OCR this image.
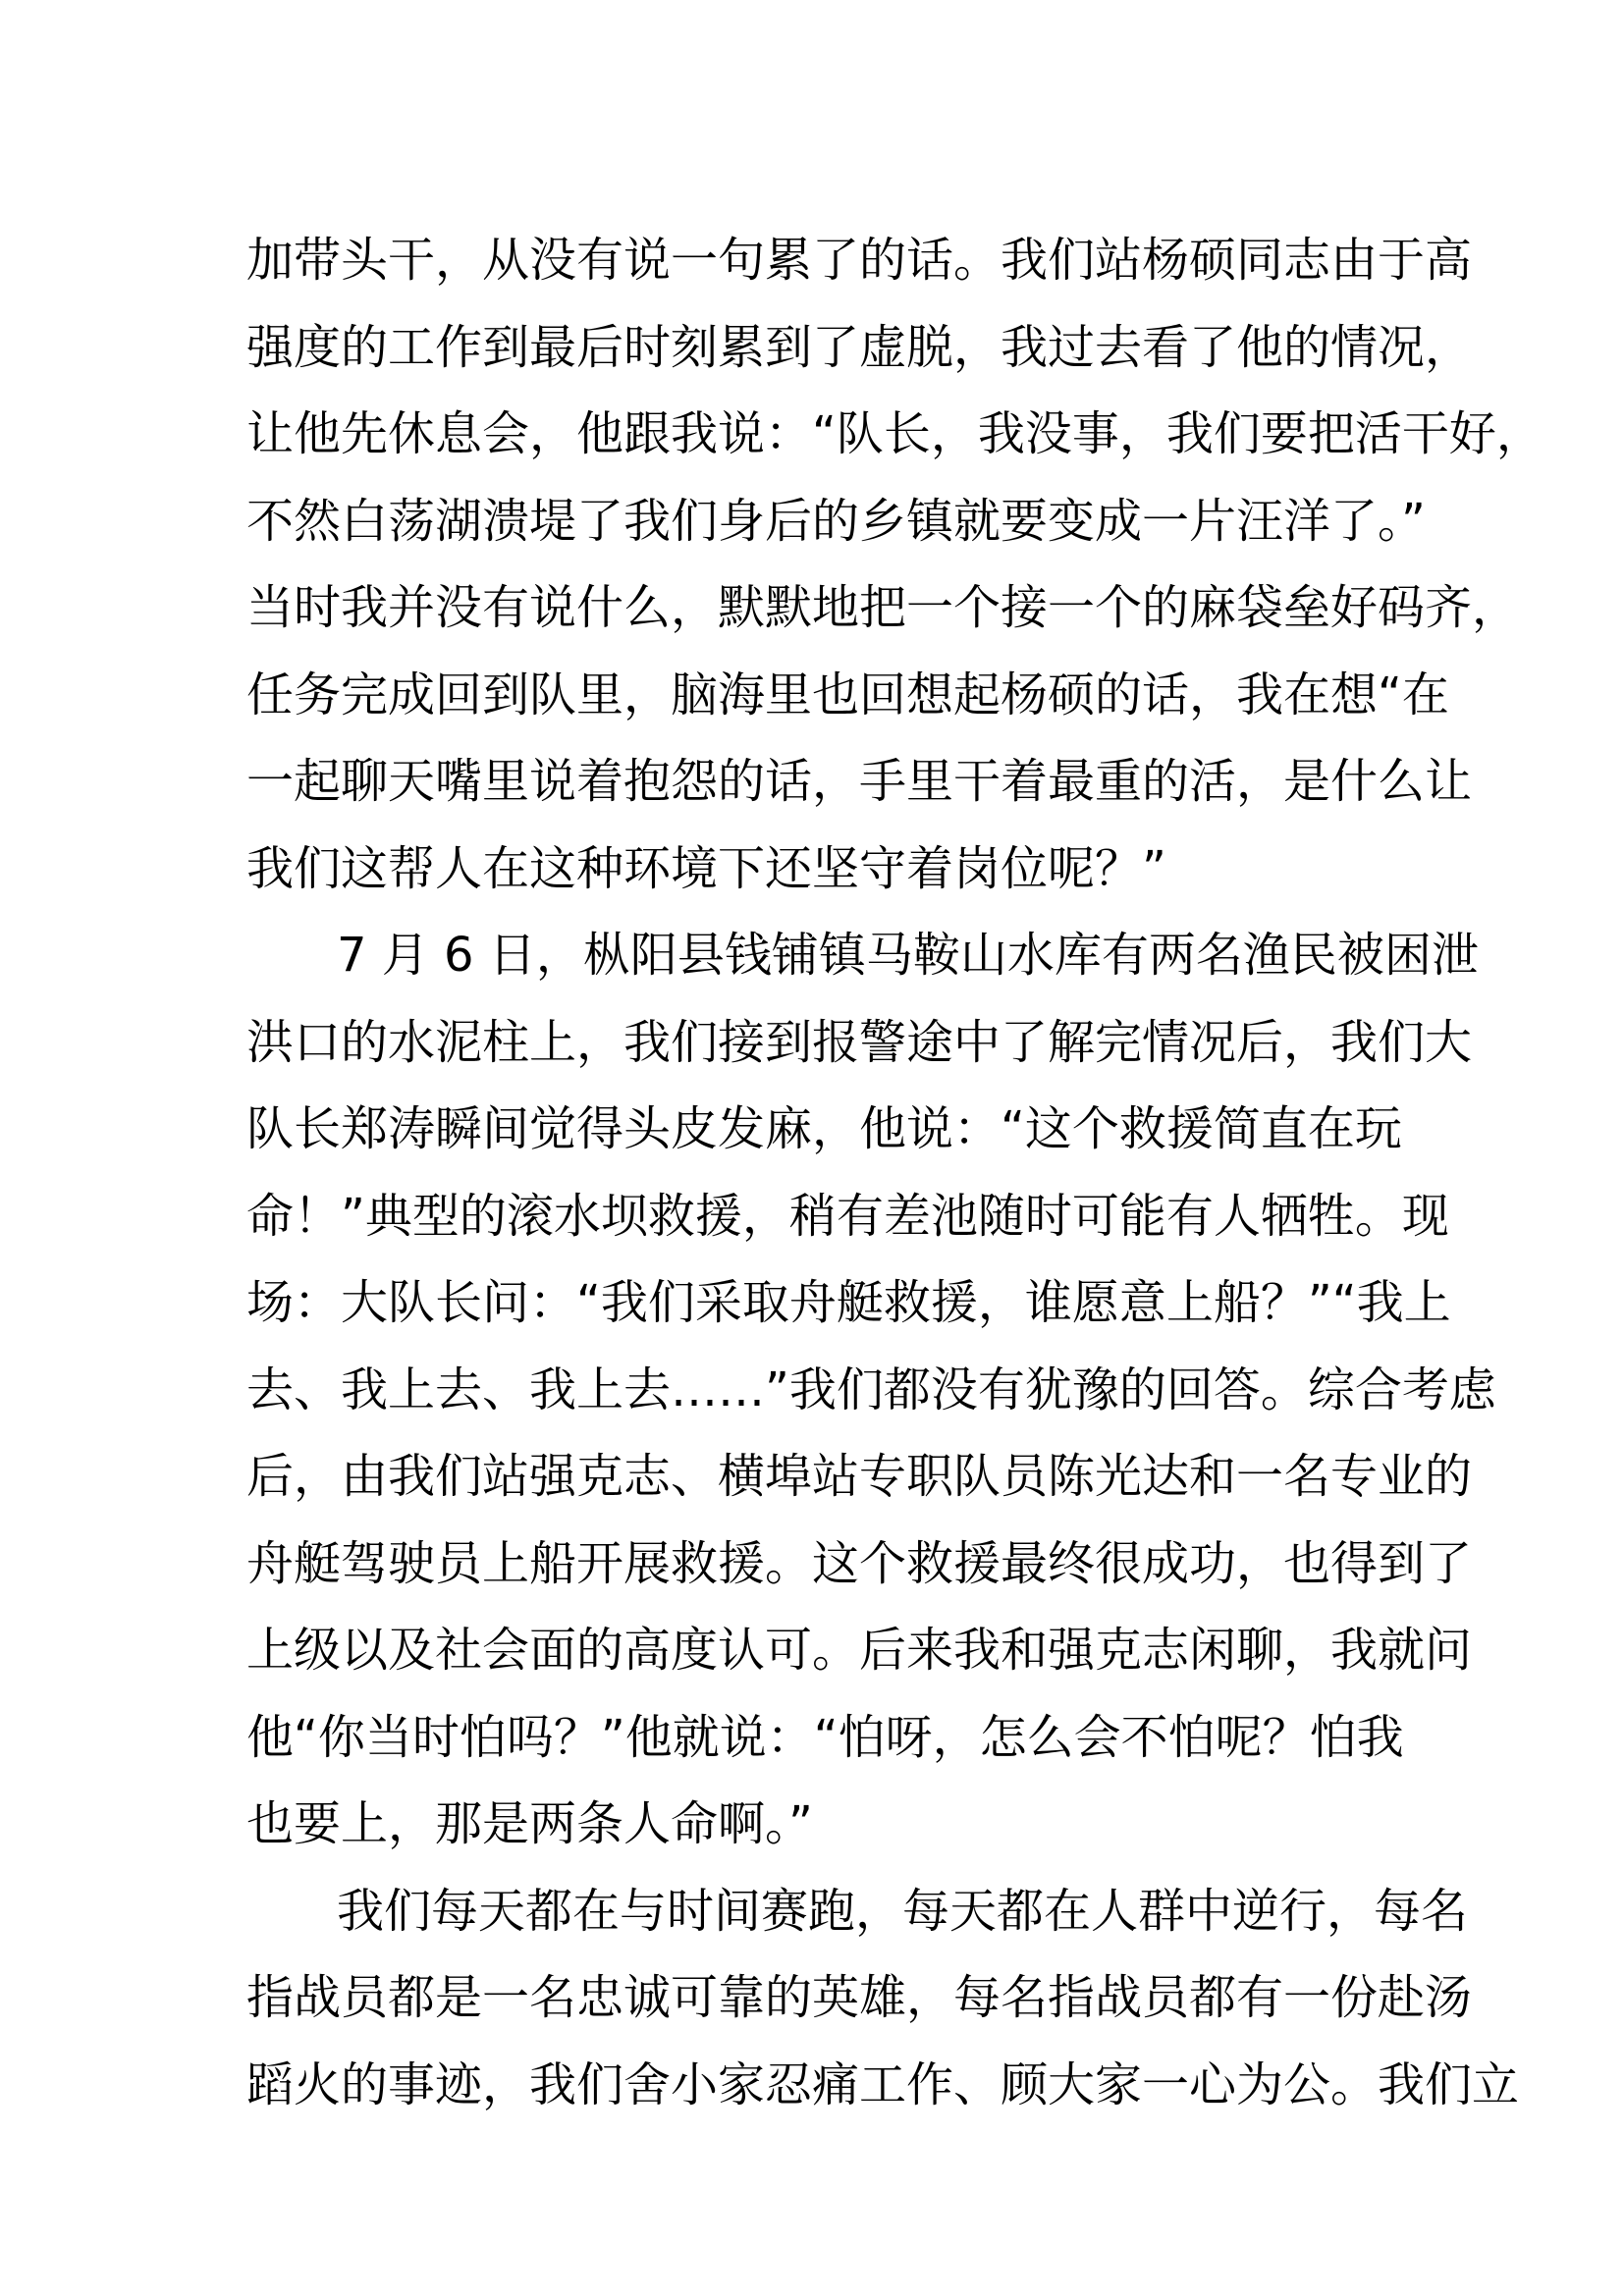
加带头干，从没有说一句累了的话。我们站杨硕同志由于高
强度的工作到最后时刻累到了虚脱，我过去看了他的情况，
让他先休息会，他跟我说：“队长，我没事，我们要把活干好，
不然白荡湖溃堤了我们身后的乡镇就要变成一片汪洋了。”
当时我并没有说什么，默默地把一个接一个的麻袋垒好码齐，
任务完成回到队里，脑海里也回想起杨硕的话，我在想“在
一起聊天嘴里说着抱怨的话，手里干着最重的活，是什么让
我们这帮人在这种环境下还坚守着岗位呢？”
7 月 6 日，枞阳县钱铺镇马鞍山水库有两名渔民被困泄
洪口的水泥柱上，我们接到报警途中了解完情况后，我们大
队长郑涛瞬间觉得头皮发麻，他说：“这个救援简直在玩
命！”典型的滚水坝救援，稍有差池随时可能有人牺牲。现
场：大队长问：“我们采取舟艇救援，谁愿意上船？”“我上
去、我上去、我上去……”我们都没有犹豫的回答。综合考虑
后，由我们站强克志、横埠站专职队员陈光达和一名专业的
舟艇驾驶员上船开展救援。这个救援最终很成功，也得到了
上级以及社会面的高度认可。后来我和强克志闲聊，我就问
他“你当时怕吗？”他就说：“怕呀，怎么会不怕呢？怕我
也要上，那是两条人命啊。”
我们每天都在与时间赛跑，每天都在人群中逆行，每名
指战员都是一名忠诚可靠的英雄，每名指战员都有一份赴汤
蹈火的事迹，我们舍小家忍痛工作、顾大家一心为公。我们立
